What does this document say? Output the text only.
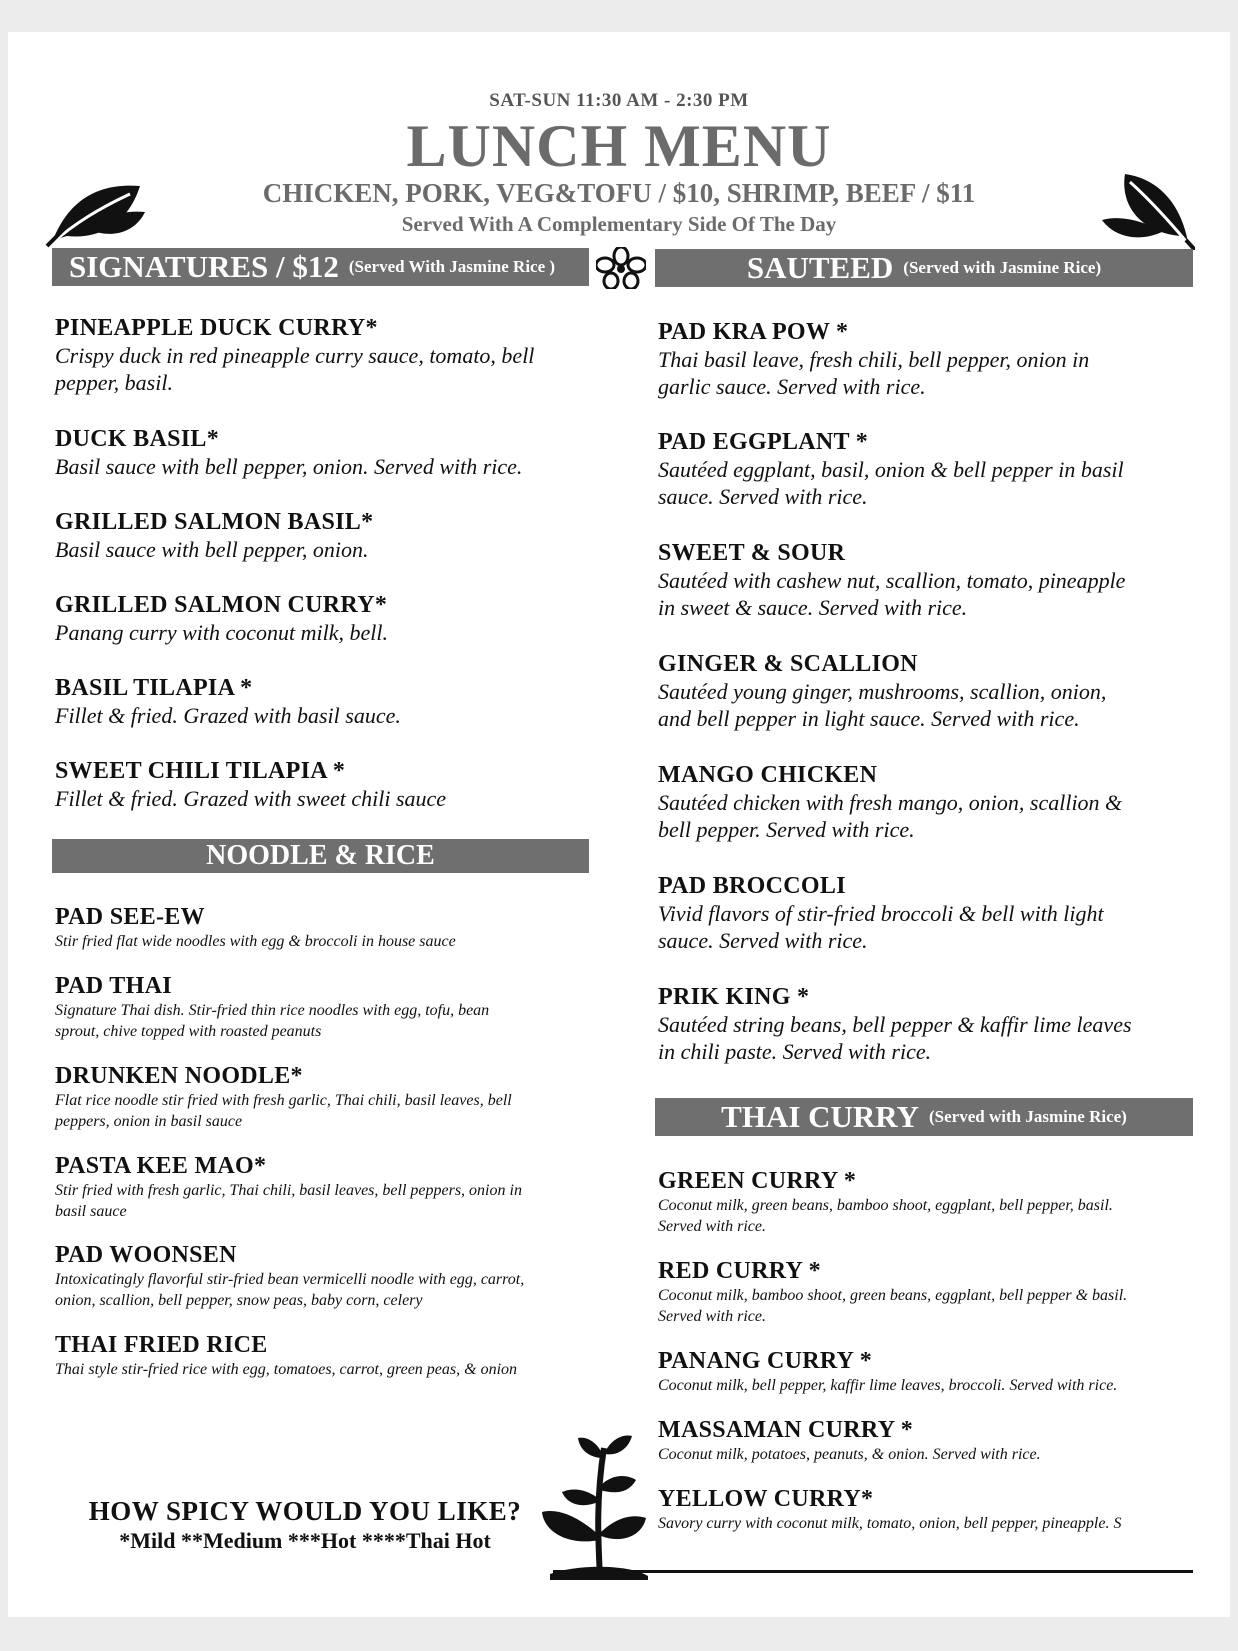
SAT-SUN 11:30 AM - 2:30 PM
LUNCH MENU
CHICKEN, PORK, VEG&TOFU / $10, SHRIMP, BEEF / $11
Served With A Complementary Side Of The Day
SIGNATURES / $12 (Served With Jasmine Rice )	SAUTEED (Served with Jasmine Rice)
PINEAPPLE DUCK CURRY*
Crispy duck in red pineapple curry sauce, tomato, bell
pepper, basil.
DUCK BASIL*
Basil sauce with bell pepper, onion. Served with rice.
GRILLED SALMON BASIL*
Basil sauce with bell pepper, onion.
GRILLED SALMON CURRY*
Panang curry with coconut milk, bell.
BASIL TILAPIA *
Fillet & fried. Grazed with basil sauce.
SWEET CHILI TILAPIA *
Fillet & fried. Grazed with sweet chili sauce
NOODLE & RICE
PAD SEE-EW
Stir fried flat wide noodles with egg & broccoli in house sauce
PAD THAI
Signature Thai dish. Stir-fried thin rice noodles with egg, tofu, bean
sprout, chive topped with roasted peanuts
DRUNKEN NOODLE*
Flat rice noodle stir fried with fresh garlic, Thai chili, basil leaves, bell
peppers, onion in basil sauce
PASTA KEE MAO*
Stir fried with fresh garlic, Thai chili, basil leaves, bell peppers, onion in
basil sauce
PAD WOONSEN
Intoxicatingly flavorful stir-fried bean vermicelli noodle with egg, carrot,
onion, scallion, bell pepper, snow peas, baby corn, celery
THAI FRIED RICE
Thai style stir-fried rice with egg, tomatoes, carrot, green peas, & onion
PAD KRA POW *
Thai basil leave, fresh chili, bell pepper, onion in
garlic sauce. Served with rice.
PAD EGGPLANT *
Sautéed eggplant, basil, onion & bell pepper in basil
sauce. Served with rice.
SWEET & SOUR
Sautéed with cashew nut, scallion, tomato, pineapple
in sweet & sauce. Served with rice.
GINGER & SCALLION
Sautéed young ginger, mushrooms, scallion, onion,
and bell pepper in light sauce. Served with rice.
MANGO CHICKEN
Sautéed chicken with fresh mango, onion, scallion &
bell pepper. Served with rice.
PAD BROCCOLI
Vivid flavors of stir-fried broccoli & bell with light
sauce. Served with rice.
PRIK KING *
Sautéed string beans, bell pepper & kaffir lime leaves
in chili paste. Served with rice.
THAI CURRY (Served with Jasmine Rice)
GREEN CURRY *
Coconut milk, green beans, bamboo shoot, eggplant, bell pepper, basil.
Served with rice.
RED CURRY *
Coconut milk, bamboo shoot, green beans, eggplant, bell pepper & basil.
Served with rice.
PANANG CURRY *
Coconut milk, bell pepper, kaffir lime leaves, broccoli. Served with rice.
MASSAMAN CURRY *
Coconut milk, potatoes, peanuts, & onion. Served with rice.
YELLOW CURRY*
Savory curry with coconut milk, tomato, onion, bell pepper, pineapple. S
HOW SPICY WOULD YOU LIKE?
*Mild **Medium ***Hot ****Thai Hot
